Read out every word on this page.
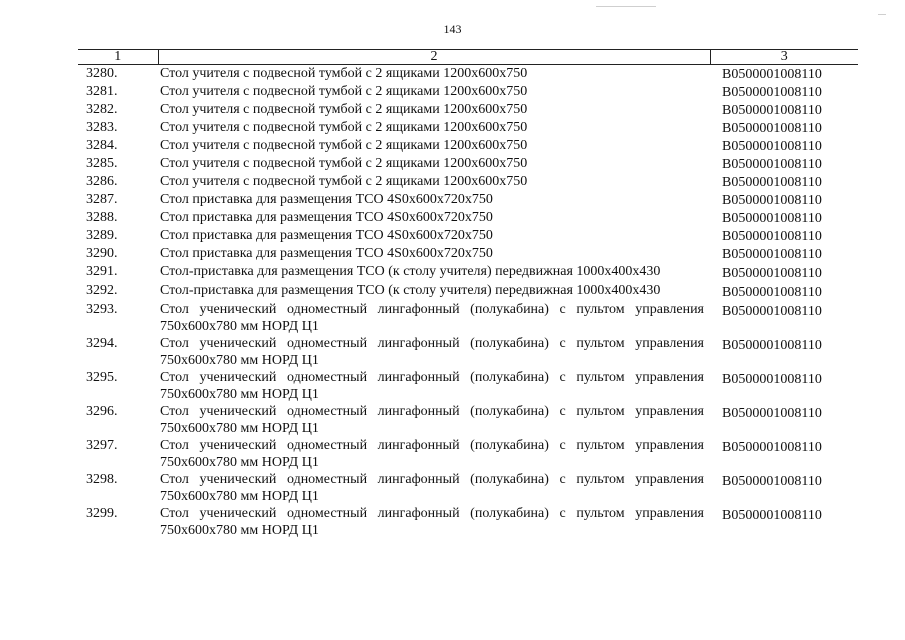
143
1	2	3
3280.	Стол учителя с подвесной тумбой с 2 ящиками 1200х600х750	В0500001008110
3281.	Стол учителя с подвесной тумбой с 2 ящиками 1200х600х750	В0500001008110
3282.	Стол учителя с подвесной тумбой с 2 ящиками 1200х600х750	В0500001008110
3283.	Стол учителя с подвесной тумбой с 2 ящиками 1200х600х750	В0500001008110
3284.	Стол учителя с подвесной тумбой с 2 ящиками 1200х600х750	В0500001008110
3285.	Стол учителя с подвесной тумбой с 2 ящиками 1200х600х750	В0500001008110
3286.	Стол учителя с подвесной тумбой с 2 ящиками 1200х600х750	В0500001008110
3287.	Стол приставка для размещения ТСО 4S0х600х720х750	В0500001008110
3288.	Стол приставка для размещения ТСО 4S0х600х720х750	В0500001008110
3289.	Стол приставка для размещения ТСО 4S0х600х720х750	В0500001008110
3290.	Стол приставка для размещения ТСО 4S0х600х720х750	В0500001008110
3291.	Стол-приставка для размещения ТСО (к столу учителя) передвижная 1000х400х430	В0500001008110
3292.	Стол-приставка для размещения ТСО (к столу учителя) передвижная 1000х400х430	В0500001008110
3293.	Стол ученический одноместный лингафонный (полукабина) с пультом управления 750х600х780 мм НОРД Ц1	В0500001008110
3294.	Стол ученический одноместный лингафонный (полукабина) с пультом управления 750х600х780 мм НОРД Ц1	В0500001008110
3295.	Стол ученический одноместный лингафонный (полукабина) с пультом управления 750х600х780 мм НОРД Ц1	В0500001008110
3296.	Стол ученический одноместный лингафонный (полукабина) с пультом управления 750х600х780 мм НОРД Ц1	В0500001008110
3297.	Стол ученический одноместный лингафонный (полукабина) с пультом управления 750х600х780 мм НОРД Ц1	В0500001008110
3298.	Стол ученический одноместный лингафонный (полукабина) с пультом управления 750х600х780 мм НОРД Ц1	В0500001008110
3299.	Стол ученический одноместный лингафонный (полукабина) с пультом управления 750х600х780 мм НОРД Ц1	В0500001008110
